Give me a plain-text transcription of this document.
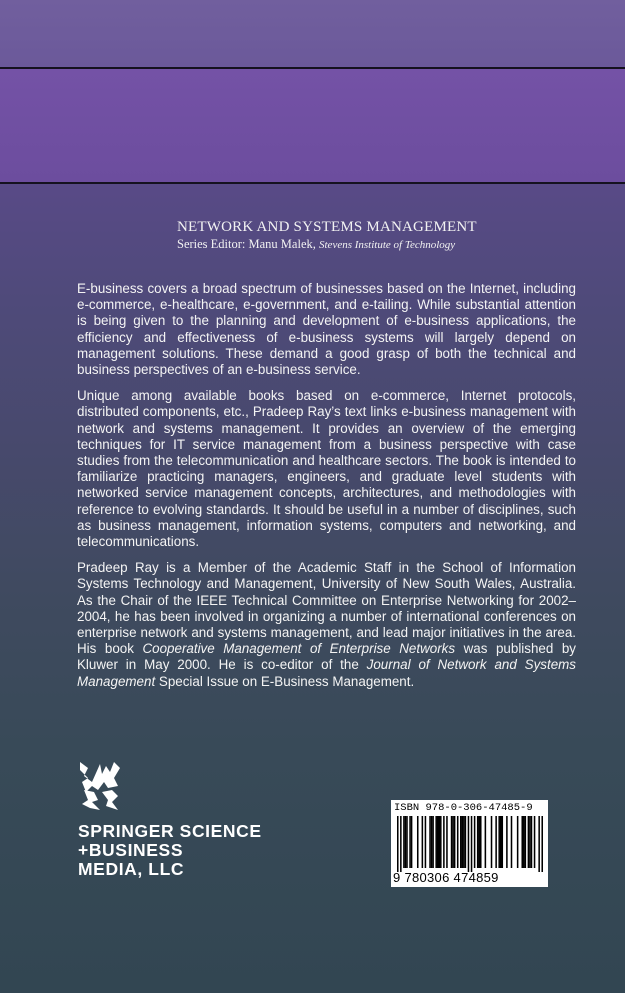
NETWORK AND SYSTEMS MANAGEMENT
Series Editor: Manu Malek, Stevens Institute of Technology

E-business covers a broad spectrum of businesses based on the Internet, including e-commerce, e-healthcare, e-government, and e-tailing. While substantial attention is being given to the planning and development of e-business applications, the efficiency and effectiveness of e-business systems will largely depend on management solutions. These demand a good grasp of both the technical and business perspectives of an e-business service.

Unique among available books based on e-commerce, Internet protocols, distributed components, etc., Pradeep Ray’s text links e-business management with network and systems management. It provides an overview of the emerging techniques for IT service management from a business perspective with case studies from the telecommunication and healthcare sectors. The book is intended to familiarize practicing managers, engineers, and graduate level students with networked service management concepts, architectures, and methodologies with reference to evolving standards. It should be useful in a number of disciplines, such as business management, information systems, computers and networking, and telecommunications.

Pradeep Ray is a Member of the Academic Staff in the School of Information Systems Technology and Management, University of New South Wales, Australia. As the Chair of the IEEE Technical Committee on Enterprise Networking for 2002–2004, he has been involved in organizing a number of international conferences on enterprise network and systems management, and lead major initiatives in the area. His book Cooperative Management of Enterprise Networks was published by Kluwer in May 2000. He is co-editor of the Journal of Network and Systems Management Special Issue on E-Business Management.

SPRINGER SCIENCE
+BUSINESS
MEDIA, LLC
ISBN 978-0-306-47485-9
9 780306 474859
